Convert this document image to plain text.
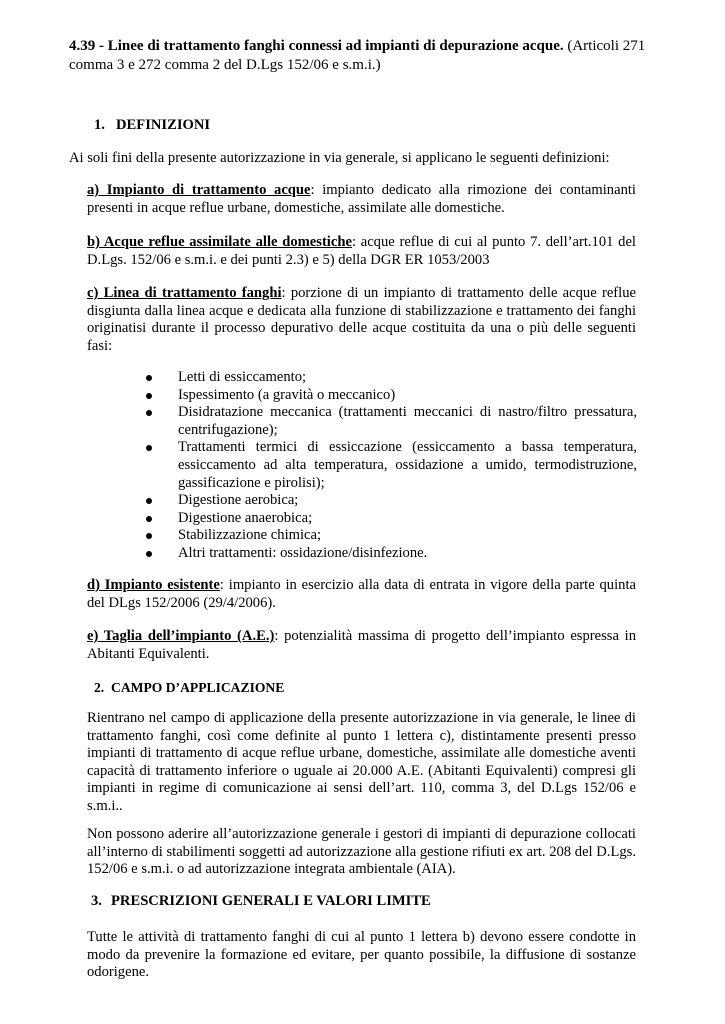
4.39 - Linee di trattamento fanghi connessi ad impianti di depurazione acque. (Articoli 271 comma 3 e 272 comma 2 del D.Lgs 152/06 e s.m.i.)
1. DEFINIZIONI
Ai soli fini della presente autorizzazione in via generale, si applicano le seguenti definizioni:
a) Impianto di trattamento acque: impianto dedicato alla rimozione dei contaminanti presenti in acque reflue urbane, domestiche, assimilate alle domestiche.
b) Acque reflue assimilate alle domestiche: acque reflue di cui al punto 7. dell’art.101 del D.Lgs. 152/06 e s.m.i. e dei punti 2.3) e 5) della DGR ER 1053/2003
c) Linea di trattamento fanghi: porzione di un impianto di trattamento delle acque reflue disgiunta dalla linea acque e dedicata alla funzione di stabilizzazione e trattamento dei fanghi originatisi durante il processo depurativo delle acque costituita da una o più delle seguenti fasi:
Letti di essiccamento;
Ispessimento (a gravità o meccanico)
Disidratazione meccanica (trattamenti meccanici di nastro/filtro pressatura, centrifugazione);
Trattamenti termici di essiccazione (essiccamento a bassa temperatura, essiccamento ad alta temperatura, ossidazione a umido, termodistruzione, gassificazione e pirolisi);
Digestione aerobica;
Digestione anaerobica;
Stabilizzazione chimica;
Altri trattamenti: ossidazione/disinfezione.
d) Impianto esistente: impianto in esercizio alla data di entrata in vigore della parte quinta del DLgs 152/2006 (29/4/2006).
e) Taglia dell’impianto (A.E.): potenzialità massima di progetto dell’impianto espressa in Abitanti Equivalenti.
2. CAMPO D’APPLICAZIONE
Rientrano nel campo di applicazione della presente autorizzazione in via generale, le linee di trattamento fanghi, così come definite al punto 1 lettera c), distintamente presenti presso impianti di trattamento di acque reflue urbane, domestiche, assimilate alle domestiche aventi capacità di trattamento inferiore o uguale ai 20.000 A.E. (Abitanti Equivalenti) compresi gli impianti in regime di comunicazione ai sensi dell’art. 110, comma 3, del D.Lgs 152/06 e s.m.i..
Non possono aderire all’autorizzazione generale i gestori di impianti di depurazione collocati all’interno di stabilimenti soggetti ad autorizzazione alla gestione rifiuti ex art. 208 del D.Lgs. 152/06 e s.m.i. o ad autorizzazione integrata ambientale (AIA).
3. PRESCRIZIONI GENERALI E VALORI LIMITE
Tutte le attività di trattamento fanghi di cui al punto 1 lettera b) devono essere condotte in modo da prevenire la formazione ed evitare, per quanto possibile, la diffusione di sostanze odorigene.
